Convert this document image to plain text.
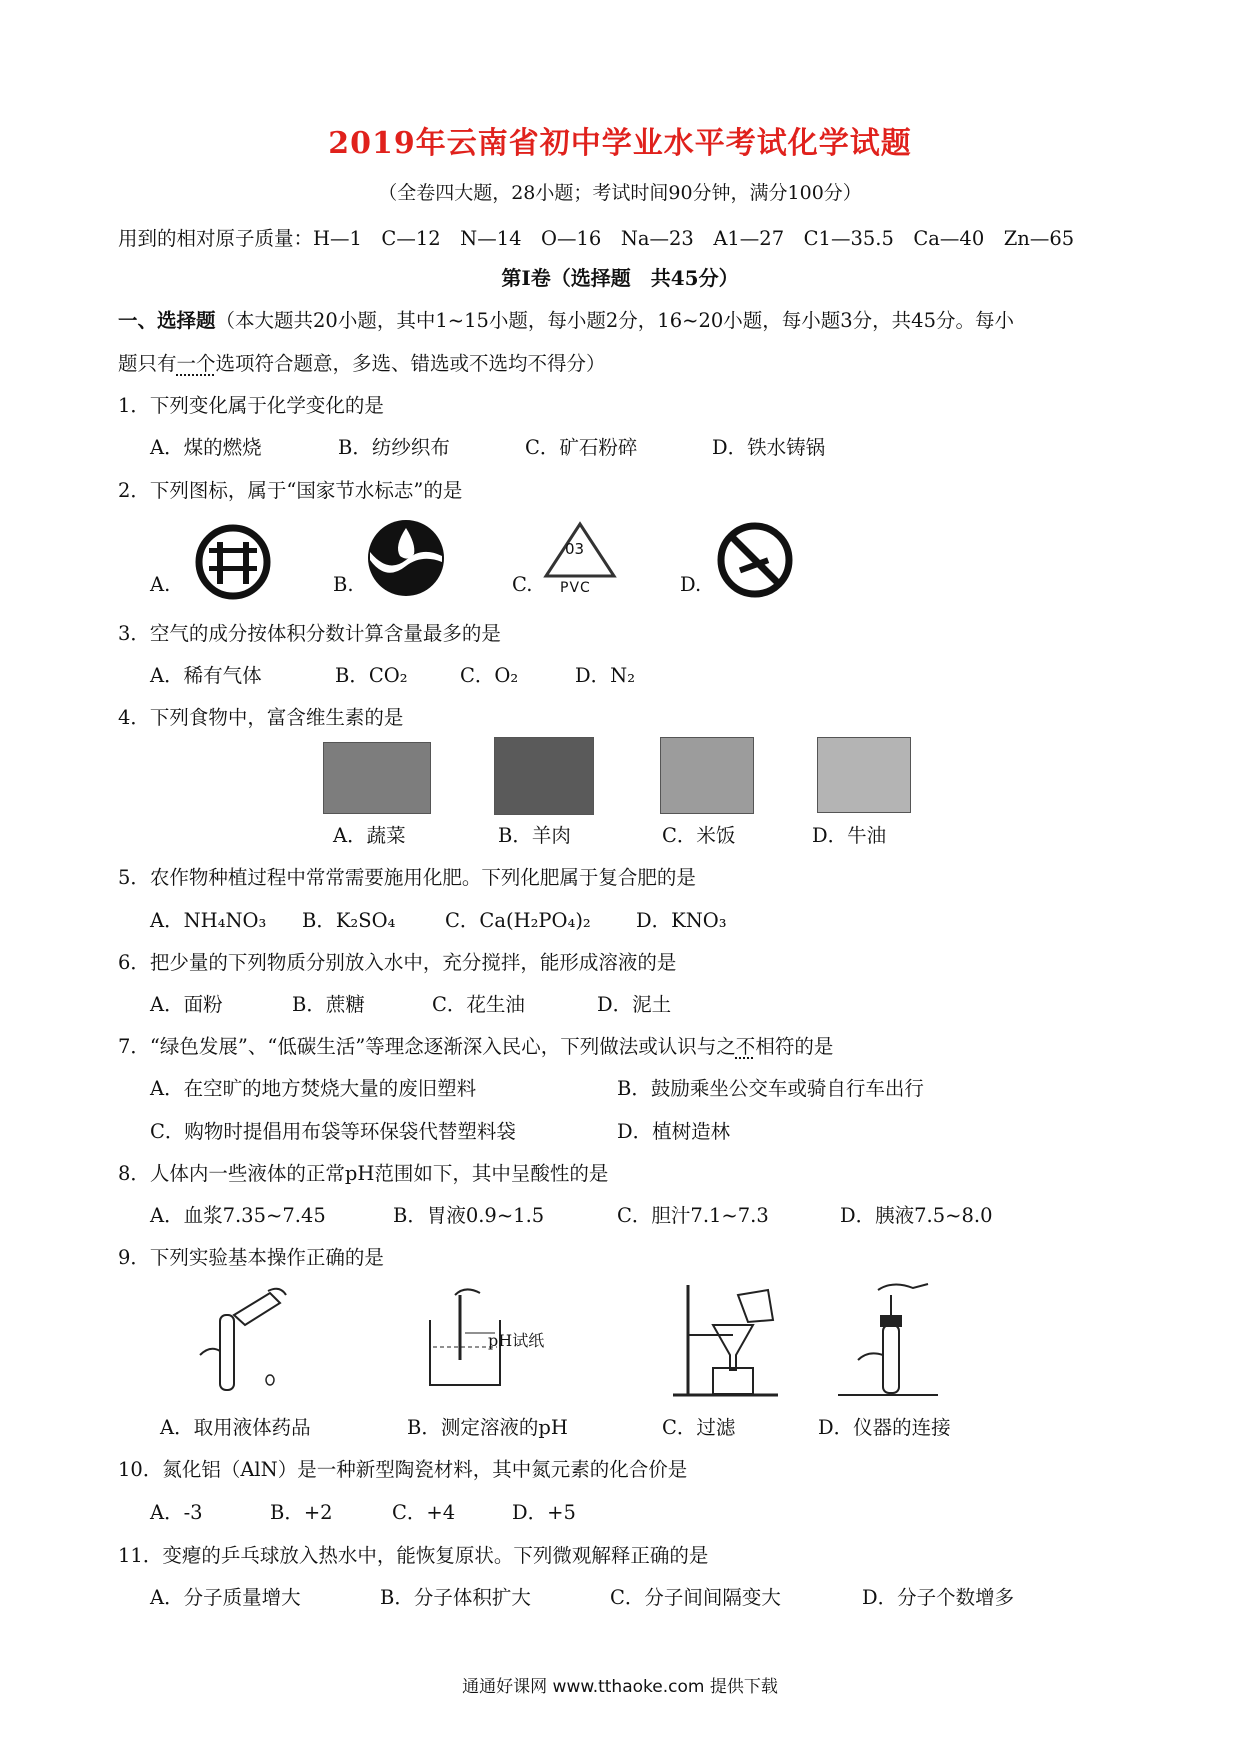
2019年云南省初中学业水平考试化学试题
（全卷四大题，28小题；考试时间90分钟，满分100分）
用到的相对原子质量：H—1　C—12　N—14　O—16　Na—23　A1—27　C1—35.5　Ca—40　Zn—65
第Ⅰ卷（选择题　共45分）
一、选择题（本大题共20小题，其中1~15小题，每小题2分，16~20小题，每小题3分，共45分。每小
题只有一个选项符合题意，多选、错选或不选均不得分）
1．下列变化属于化学变化的是
A．煤的燃烧	B．纺纱织布	C．矿石粉碎	D．铁水铸锅
2．下列图标，属于“国家节水标志”的是
A.	B.	C.
03
PVC	D.
3．空气的成分按体积分数计算含量最多的是
A．稀有气体	B．CO₂	C．O₂	D．N₂
4．下列食物中，富含维生素的是
A．蔬菜	B．羊肉	C．米饭	D．牛油
5．农作物种植过程中常常需要施用化肥。下列化肥属于复合肥的是
A．NH₄NO₃ B．K₂SO₄	C．Ca(H₂PO₄)₂ D．KNO₃
6．把少量的下列物质分别放入水中，充分搅拌，能形成溶液的是
A．面粉	B．蔗糖	C．花生油	D．泥土
7．“绿色发展”、“低碳生活”等理念逐渐深入民心，下列做法或认识与之不相符的是
A．在空旷的地方焚烧大量的废旧塑料	B．鼓励乘坐公交车或骑自行车出行
C．购物时提倡用布袋等环保袋代替塑料袋	D．植树造林
8．人体内一些液体的正常pH范围如下，其中呈酸性的是
A．血浆7.35~7.45	B．胃液0.9~1.5	C．胆汁7.1~7.3	D．胰液7.5~8.0
9．下列实验基本操作正确的是
pH试纸
A．取用液体药品	B．测定溶液的pH	C．过滤	D．仪器的连接
10．氮化铝（AlN）是一种新型陶瓷材料，其中氮元素的化合价是
A．-3	B．+2	C．+4	D．+5
11．变瘪的乒乓球放入热水中，能恢复原状。下列微观解释正确的是
A．分子质量增大	B．分子体积扩大	C．分子间间隔变大	D．分子个数增多
通通好课网 www.tthaoke.com 提供下载
